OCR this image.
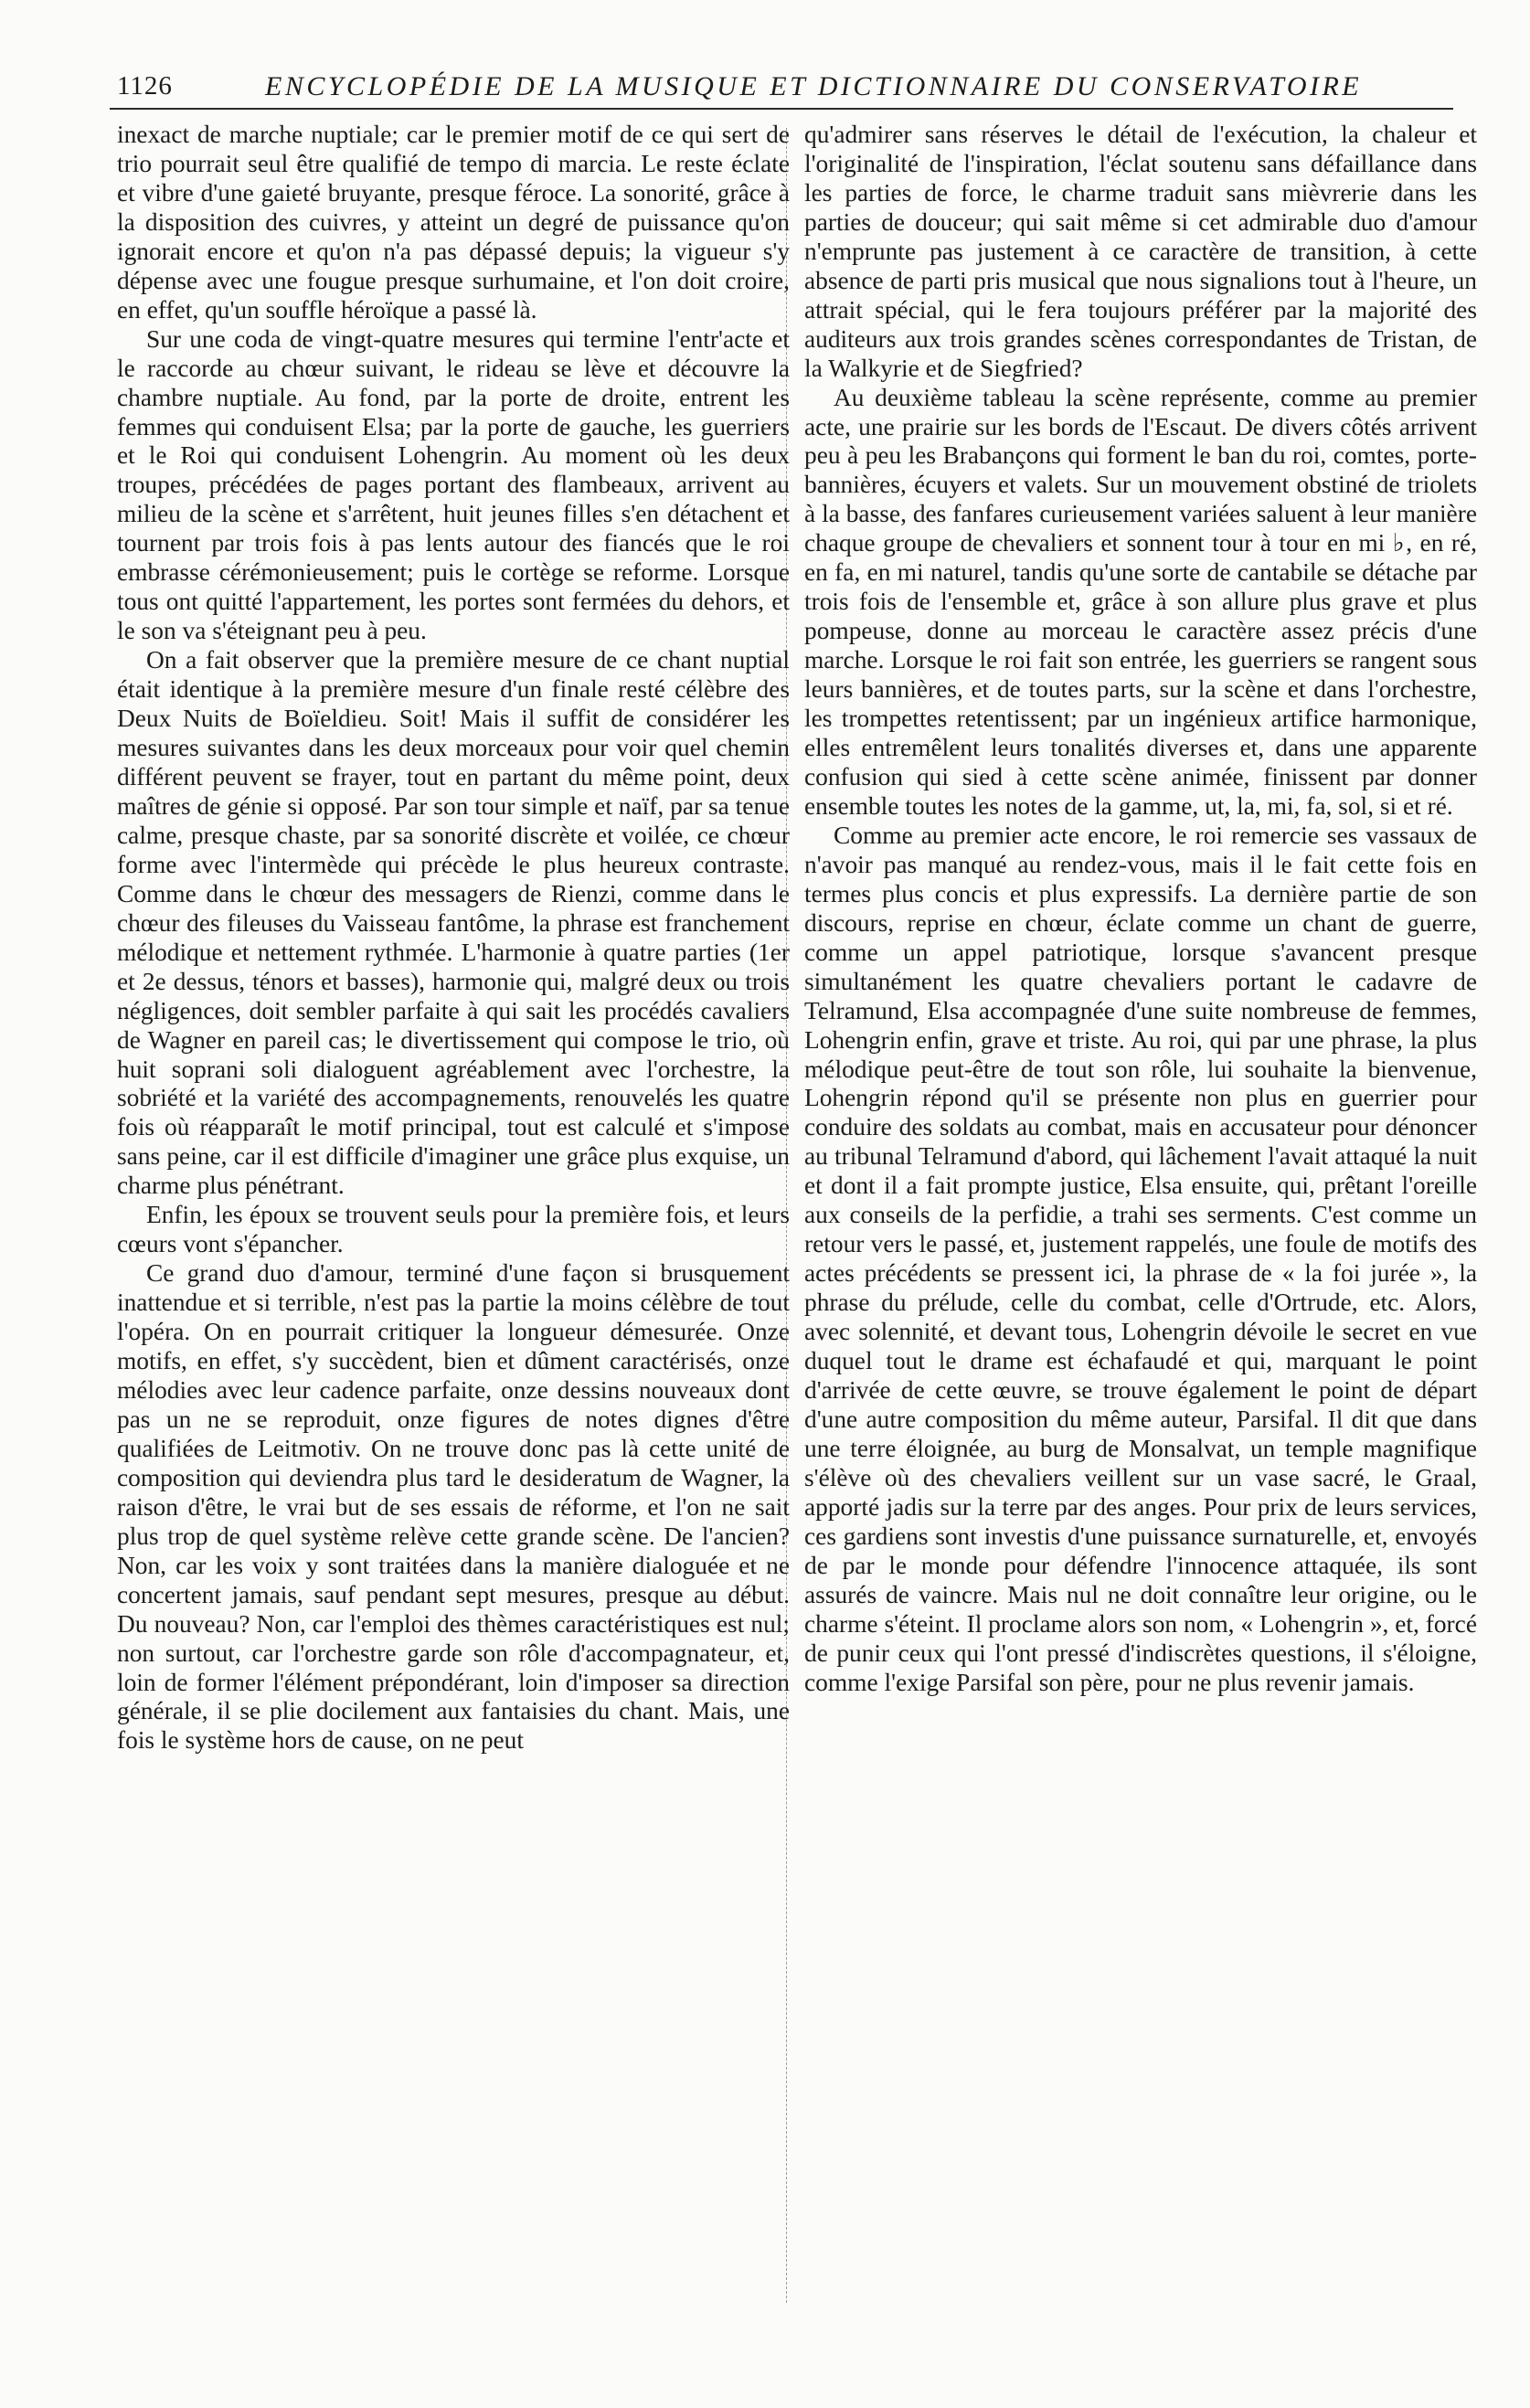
1126	ENCYCLOPÉDIE DE LA MUSIQUE ET DICTIONNAIRE DU CONSERVATOIRE

inexact de marche nuptiale; car le premier motif de ce qui sert de trio pourrait seul être qualifié de tempo di marcia. Le reste éclate et vibre d'une gaieté bruyante, presque féroce. La sonorité, grâce à la disposition des cuivres, y atteint un degré de puissance qu'on ignorait encore et qu'on n'a pas dépassé depuis; la vigueur s'y dépense avec une fougue presque surhumaine, et l'on doit croire, en effet, qu'un souffle héroïque a passé là.

Sur une coda de vingt-quatre mesures qui termine l'entr'acte et le raccorde au chœur suivant, le rideau se lève et découvre la chambre nuptiale. Au fond, par la porte de droite, entrent les femmes qui conduisent Elsa; par la porte de gauche, les guerriers et le Roi qui conduisent Lohengrin. Au moment où les deux troupes, précédées de pages portant des flambeaux, arrivent au milieu de la scène et s'arrêtent, huit jeunes filles s'en détachent et tournent par trois fois à pas lents autour des fiancés que le roi embrasse cérémonieusement; puis le cortège se reforme. Lorsque tous ont quitté l'appartement, les portes sont fermées du dehors, et le son va s'éteignant peu à peu.

On a fait observer que la première mesure de ce chant nuptial était identique à la première mesure d'un finale resté célèbre des Deux Nuits de Boïeldieu. Soit! Mais il suffit de considérer les mesures suivantes dans les deux morceaux pour voir quel chemin différent peuvent se frayer, tout en partant du même point, deux maîtres de génie si opposé. Par son tour simple et naïf, par sa tenue calme, presque chaste, par sa sonorité discrète et voilée, ce chœur forme avec l'intermède qui précède le plus heureux contraste. Comme dans le chœur des messagers de Rienzi, comme dans le chœur des fileuses du Vaisseau fantôme, la phrase est franchement mélodique et nettement rythmée. L'harmonie à quatre parties (1er et 2e dessus, ténors et basses), harmonie qui, malgré deux ou trois négligences, doit sembler parfaite à qui sait les procédés cavaliers de Wagner en pareil cas; le divertissement qui compose le trio, où huit soprani soli dialoguent agréablement avec l'orchestre, la sobriété et la variété des accompagnements, renouvelés les quatre fois où réapparaît le motif principal, tout est calculé et s'impose sans peine, car il est difficile d'imaginer une grâce plus exquise, un charme plus pénétrant.

Enfin, les époux se trouvent seuls pour la première fois, et leurs cœurs vont s'épancher.

Ce grand duo d'amour, terminé d'une façon si brusquement inattendue et si terrible, n'est pas la partie la moins célèbre de tout l'opéra. On en pourrait critiquer la longueur démesurée. Onze motifs, en effet, s'y succèdent, bien et dûment caractérisés, onze mélodies avec leur cadence parfaite, onze dessins nouveaux dont pas un ne se reproduit, onze figures de notes dignes d'être qualifiées de Leitmotiv. On ne trouve donc pas là cette unité de composition qui deviendra plus tard le desideratum de Wagner, la raison d'être, le vrai but de ses essais de réforme, et l'on ne sait plus trop de quel système relève cette grande scène. De l'ancien? Non, car les voix y sont traitées dans la manière dialoguée et ne concertent jamais, sauf pendant sept mesures, presque au début. Du nouveau? Non, car l'emploi des thèmes caractéristiques est nul; non surtout, car l'orchestre garde son rôle d'accompagnateur, et, loin de former l'élément prépondérant, loin d'imposer sa direction générale, il se plie docilement aux fantaisies du chant. Mais, une fois le système hors de cause, on ne peut

qu'admirer sans réserves le détail de l'exécution, la chaleur et l'originalité de l'inspiration, l'éclat soutenu sans défaillance dans les parties de force, le charme traduit sans mièvrerie dans les parties de douceur; qui sait même si cet admirable duo d'amour n'emprunte pas justement à ce caractère de transition, à cette absence de parti pris musical que nous signalions tout à l'heure, un attrait spécial, qui le fera toujours préférer par la majorité des auditeurs aux trois grandes scènes correspondantes de Tristan, de la Walkyrie et de Siegfried?

Au deuxième tableau la scène représente, comme au premier acte, une prairie sur les bords de l'Escaut. De divers côtés arrivent peu à peu les Brabançons qui forment le ban du roi, comtes, porte-bannières, écuyers et valets. Sur un mouvement obstiné de triolets à la basse, des fanfares curieusement variées saluent à leur manière chaque groupe de chevaliers et sonnent tour à tour en mi ♭, en ré, en fa, en mi naturel, tandis qu'une sorte de cantabile se détache par trois fois de l'ensemble et, grâce à son allure plus grave et plus pompeuse, donne au morceau le caractère assez précis d'une marche. Lorsque le roi fait son entrée, les guerriers se rangent sous leurs bannières, et de toutes parts, sur la scène et dans l'orchestre, les trompettes retentissent; par un ingénieux artifice harmonique, elles entremêlent leurs tonalités diverses et, dans une apparente confusion qui sied à cette scène animée, finissent par donner ensemble toutes les notes de la gamme, ut, la, mi, fa, sol, si et ré.

Comme au premier acte encore, le roi remercie ses vassaux de n'avoir pas manqué au rendez-vous, mais il le fait cette fois en termes plus concis et plus expressifs. La dernière partie de son discours, reprise en chœur, éclate comme un chant de guerre, comme un appel patriotique, lorsque s'avancent presque simultanément les quatre chevaliers portant le cadavre de Telramund, Elsa accompagnée d'une suite nombreuse de femmes, Lohengrin enfin, grave et triste. Au roi, qui par une phrase, la plus mélodique peut-être de tout son rôle, lui souhaite la bienvenue, Lohengrin répond qu'il se présente non plus en guerrier pour conduire des soldats au combat, mais en accusateur pour dénoncer au tribunal Telramund d'abord, qui lâchement l'avait attaqué la nuit et dont il a fait prompte justice, Elsa ensuite, qui, prêtant l'oreille aux conseils de la perfidie, a trahi ses serments. C'est comme un retour vers le passé, et, justement rappelés, une foule de motifs des actes précédents se pressent ici, la phrase de « la foi jurée », la phrase du prélude, celle du combat, celle d'Ortrude, etc. Alors, avec solennité, et devant tous, Lohengrin dévoile le secret en vue duquel tout le drame est échafaudé et qui, marquant le point d'arrivée de cette œuvre, se trouve également le point de départ d'une autre composition du même auteur, Parsifal. Il dit que dans une terre éloignée, au burg de Monsalvat, un temple magnifique s'élève où des chevaliers veillent sur un vase sacré, le Graal, apporté jadis sur la terre par des anges. Pour prix de leurs services, ces gardiens sont investis d'une puissance surnaturelle, et, envoyés de par le monde pour défendre l'innocence attaquée, ils sont assurés de vaincre. Mais nul ne doit connaître leur origine, ou le charme s'éteint. Il proclame alors son nom, « Lohengrin », et, forcé de punir ceux qui l'ont pressé d'indiscrètes questions, il s'éloigne, comme l'exige Parsifal son père, pour ne plus revenir jamais.
